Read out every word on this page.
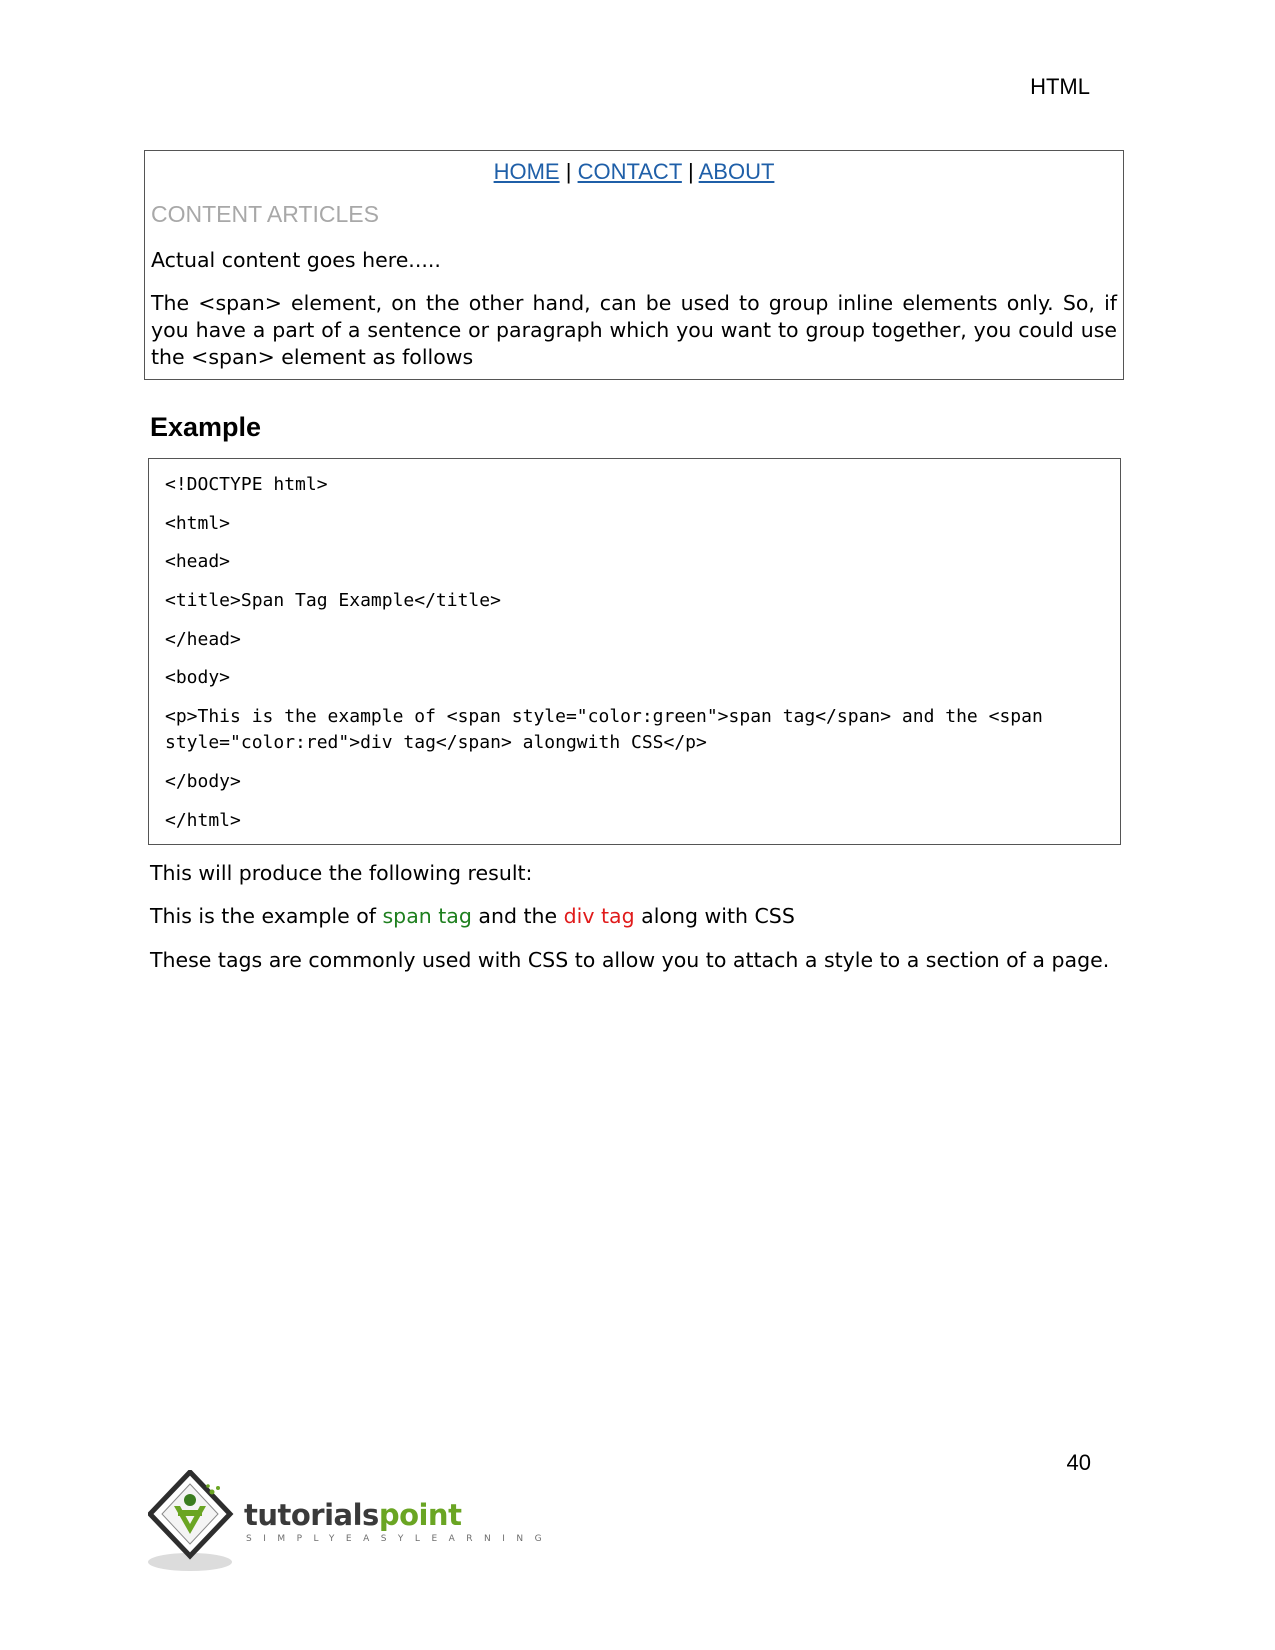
HTML
HOME | CONTACT | ABOUT
CONTENT ARTICLES
Actual content goes here.....
The <span> element, on the other hand, can be used to group inline elements only. So, if you have a part of a sentence or paragraph which you want to group together, you could use the <span> element as follows
Example
<!DOCTYPE html>
<html>
<head>
<title>Span Tag Example</title>
</head>
<body>
<p>This is the example of <span style="color:green">span tag</span> and the <span style="color:red">div tag</span> alongwith CSS</p>
</body>
</html>
This will produce the following result:
This is the example of span tag and the div tag along with CSS
These tags are commonly used with CSS to allow you to attach a style to a section of a page.
40
tutorialspoint
SIMPLYEASYLEARNING
